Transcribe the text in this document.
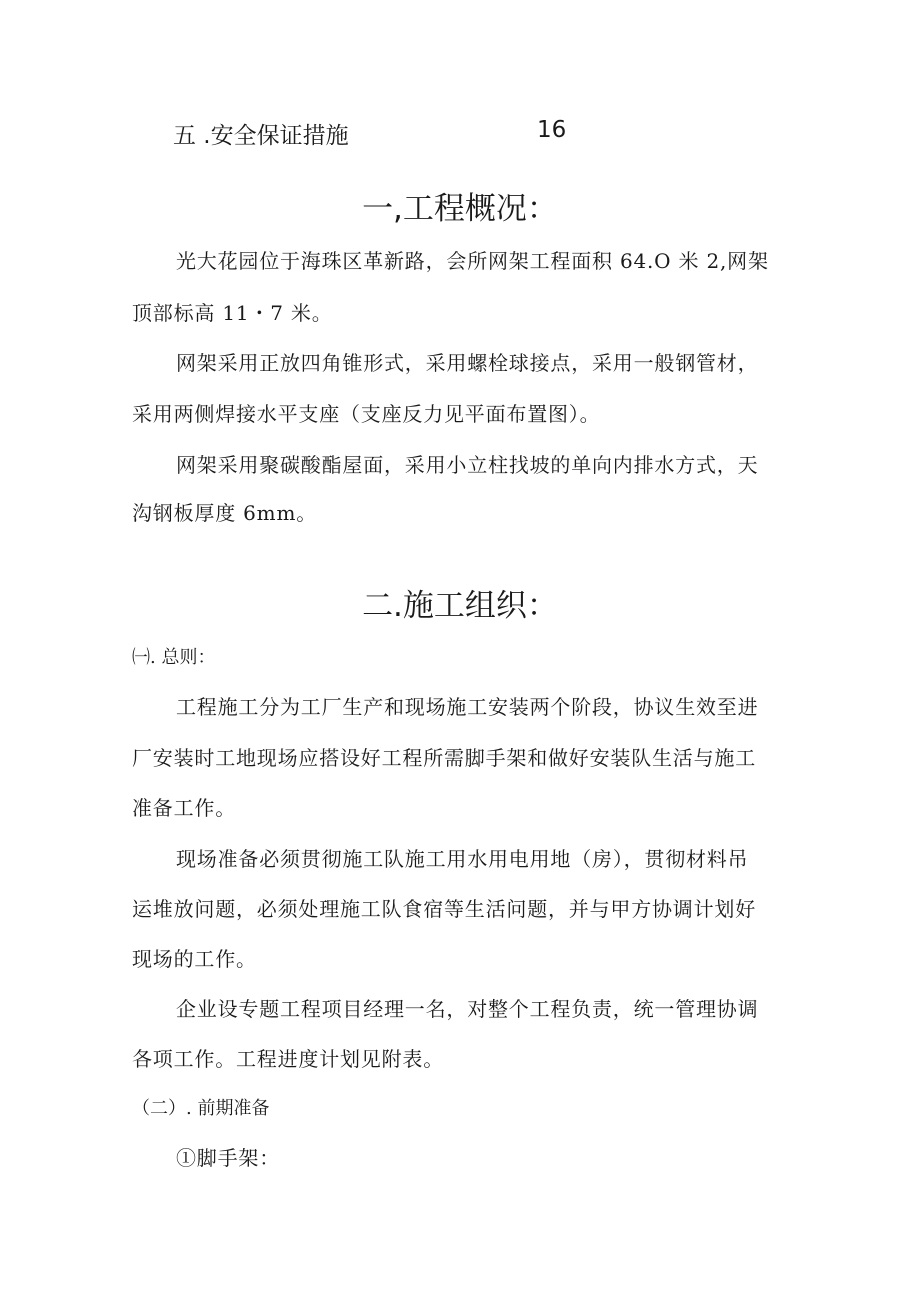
五 .安全保证措施	16
一,工程概况：
光大花园位于海珠区革新路，会所网架工程面积 64.O 米 2,网架
顶部标高 11・7 米。
网架采用正放四角锥形式，采用螺栓球接点，采用一般钢管材，
采用两侧焊接水平支座（支座反力见平面布置图）。
网架采用聚碳酸酯屋面，采用小立柱找坡的单向内排水方式，天
沟钢板厚度 6mm。
二.施工组织：
㈠. 总则：
工程施工分为工厂生产和现场施工安装两个阶段，协议生效至进
厂安装时工地现场应搭设好工程所需脚手架和做好安装队生活与施工
准备工作。
现场准备必须贯彻施工队施工用水用电用地（房），贯彻材料吊
运堆放问题，必须处理施工队食宿等生活问题，并与甲方协调计划好
现场的工作。
企业设专题工程项目经理一名，对整个工程负责，统一管理协调
各项工作。工程进度计划见附表。
（二）. 前期准备
①脚手架：
